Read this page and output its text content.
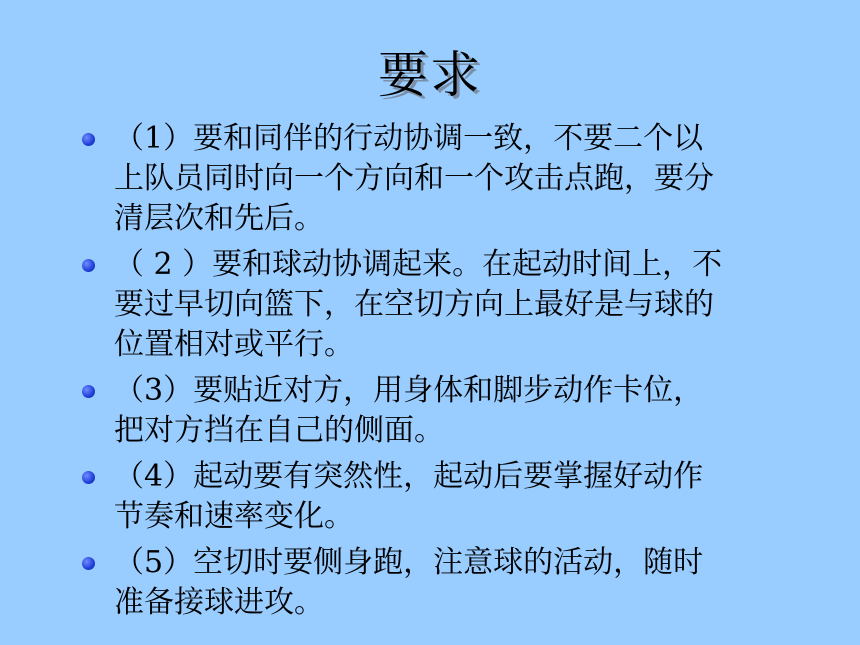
要求
（1）要和同伴的行动协调一致，不要二个以
上队员同时向一个方向和一个攻击点跑，要分
清层次和先后。
（ 2 ）要和球动协调起来。在起动时间上，不
要过早切向篮下，在空切方向上最好是与球的
位置相对或平行。
（3）要贴近对方，用身体和脚步动作卡位，
把对方挡在自己的侧面。
（4）起动要有突然性，起动后要掌握好动作
节奏和速率变化。
（5）空切时要侧身跑，注意球的活动，随时
准备接球进攻。
